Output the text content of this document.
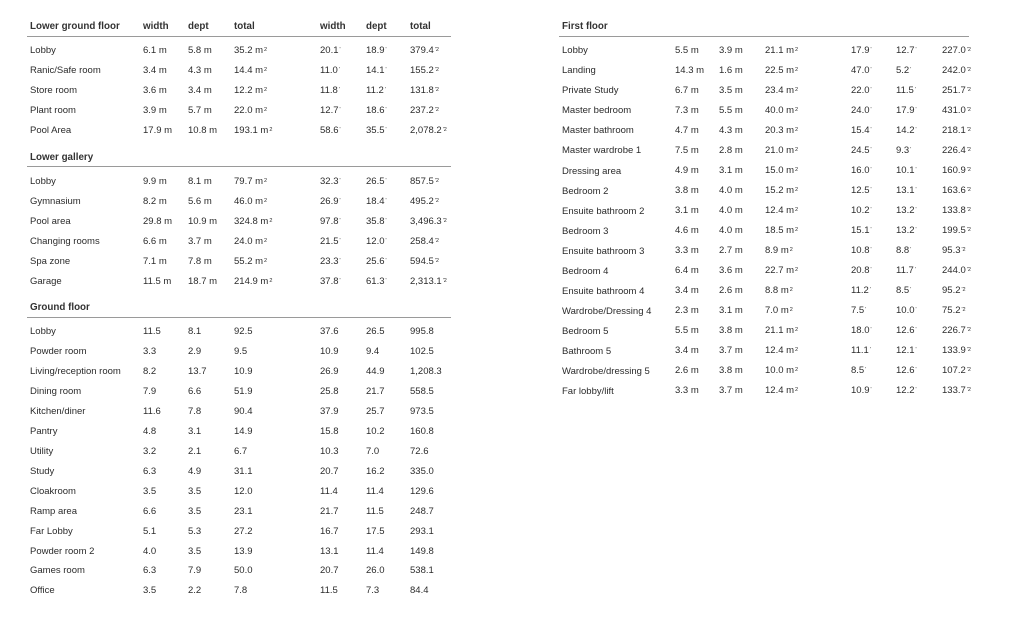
Lower ground floor width dept	total	width dept total
Lobby	6.1 m 5.8 m 35.2 $m^2$	20.1'	18.9' $379.4^{'2}$
Ranic/Safe room	3.4 m 4.3 m 14.4 $m^2$	11.0'	14.1' $155.2^{'2}$
Store room	3.6 m 3.4 m 12.2 $m^2$	11.8'	11.2'	$131.8^{'2}$
Plant room	3.9 m 5.7 m 22.0 $m^2$	12.7'	18.6' $237.2^{'2}$
Pool Area	17.9 m 10.8 m 193.1 $m^2$	58.6'	35.5' $2,078.2^{'2}$
Lower gallery
Lobby	9.9 m 8.1 m 79.7 $m^2$	32.3'	26.5' $857.5^{'2}$
Gymnasium	8.2 m 5.6 m 46.0 $m^2$	26.9'	18.4' $495.2^{'2}$
Pool area	29.8 m 10.9 m 324.8 $m^2$	97.8'	35.8' $3,496.3^{'2}$
Changing rooms	6.6 m 3.7 m 24.0 $m^2$	21.5'	12.0' $258.4^{'2}$
Spa zone	7.1 m 7.8 m 55.2 $m^2$	23.3'	25.6' $594.5^{'2}$
Garage	11.5 m 18.7 m 214.9 $m^2$	37.8'	61.3' $2,313.1^{'2}$
Ground floor
Lobby	11.5	8.1	92.5	37.6	26.5	995.8
Powder room	3.3	2.9	9.5	10.9	9.4	102.5
Living/reception room 8.2	13.7	10.9	26.9	44.9	1,208.3
Dining room	7.9	6.6	51.9	25.8	21.7	558.5
Kitchen/diner	11.6	7.8	90.4	37.9	25.7	973.5
Pantry	4.8	3.1	14.9	15.8	10.2	160.8
Utility	3.2	2.1	6.7	10.3	7.0	72.6
Study	6.3	4.9	31.1	20.7	16.2	335.0
Cloakroom	3.5	3.5	12.0	11.4	11.4	129.6
Ramp area	6.6	3.5	23.1	21.7	11.5	248.7
Far Lobby	5.1	5.3	27.2	16.7	17.5	293.1
Powder room 2	4.0	3.5	13.9	13.1	11.4	149.8
Games room	6.3	7.9	50.0	20.7	26.0	538.1
Office	3.5	2.2	7.8	11.5	7.3	84.4
First floor
Lobby	5.5 m 3.9 m 21.1 $m^2$	17.9'	12.7'	$227.0^{'2}$
Landing	14.3 m 1.6 m 22.5 $m^2$	47.0'	5.2'	$242.0^{'2}$
Private Study	6.7 m 3.5 m 23.4 $m^2$	22.0'	11.5'	$251.7^{'2}$
Master bedroom	7.3 m 5.5 m 40.0 $m^2$	24.0'	17.9'	$431.0^{'2}$
Master bathroom	4.7 m 4.3 m 20.3 $m^2$	15.4'	14.2'	$218.1^{'2}$
Master wardrobe 1	7.5 m 2.8 m 21.0 $m^2$	24.5'	9.3'	$226.4^{'2}$
Dressing area	4.9 m 3.1 m 15.0 $m^2$	16.0'	10.1'	$160.9^{'2}$
Bedroom 2	3.8 m 4.0 m 15.2 $m^2$	12.5'	13.1'	$163.6^{'2}$
Ensuite bathroom 2	3.1 m 4.0 m 12.4 $m^2$	10.2'	13.2'	$133.8^{'2}$
Bedroom 3	4.6 m 4.0 m 18.5 $m^2$	15.1'	13.2'	$199.5^{'2}$
Ensuite bathroom 3	3.3 m 2.7 m 8.9 $m^2$	10.8'	8.8'	$95.3^{'2}$
Bedroom 4	6.4 m 3.6 m 22.7 $m^2$	20.8'	11.7'	$244.0^{'2}$
Ensuite bathroom 4	3.4 m 2.6 m 8.8 $m^2$	11.2'	8.5'	$95.2^{'2}$
Wardrobe/Dressing 4 2.3 m 3.1 m 7.0 $m^2$	7.5'	10.0'	$75.2^{'2}$
Bedroom 5	5.5 m 3.8 m 21.1 $m^2$	18.0'	12.6'	$226.7^{'2}$
Bathroom 5	3.4 m 3.7 m 12.4 $m^2$	11.1'	12.1'	$133.9^{'2}$
Wardrobe/dressing 5	2.6 m 3.8 m 10.0 $m^2$	8.5'	12.6'	$107.2^{'2}$
Far lobby/lift	3.3 m 3.7 m 12.4 $m^2$	10.9'	12.2'	$133.7^{'2}$
